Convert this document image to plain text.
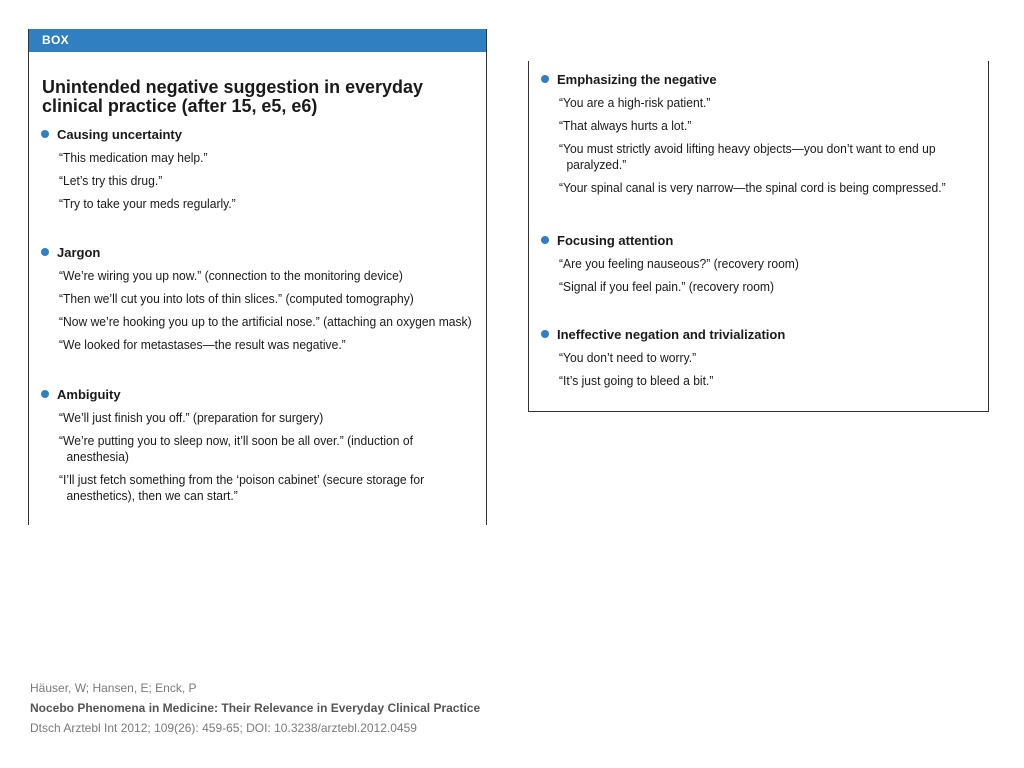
BOX
Unintended negative suggestion in everyday clinical practice (after 15, e5, e6)
Causing uncertainty
“This medication may help.”
“Let’s try this drug.”
“Try to take your meds regularly.”
Jargon
“We’re wiring you up now.” (connection to the monitoring device)
“Then we’ll cut you into lots of thin slices.” (computed tomography)
“Now we’re hooking you up to the artificial nose.” (attaching an oxygen mask)
“We looked for metastases—the result was negative.”
Ambiguity
“We’ll just finish you off.” (preparation for surgery)
“We’re putting you to sleep now, it’ll soon be all over.” (induction of anesthesia)
“I’ll just fetch something from the ‘poison cabinet’ (secure storage for anesthetics), then we can start.”
Emphasizing the negative
“You are a high-risk patient.”
“That always hurts a lot.”
“You must strictly avoid lifting heavy objects—you don’t want to end up paralyzed.”
“Your spinal canal is very narrow—the spinal cord is being compressed.”
Focusing attention
“Are you feeling nauseous?” (recovery room)
“Signal if you feel pain.” (recovery room)
Ineffective negation and trivialization
“You don’t need to worry.”
“It’s just going to bleed a bit.”
Häuser, W; Hansen, E; Enck, P
Nocebo Phenomena in Medicine: Their Relevance in Everyday Clinical Practice
Dtsch Arztebl Int 2012; 109(26): 459-65; DOI: 10.3238/arztebl.2012.0459
